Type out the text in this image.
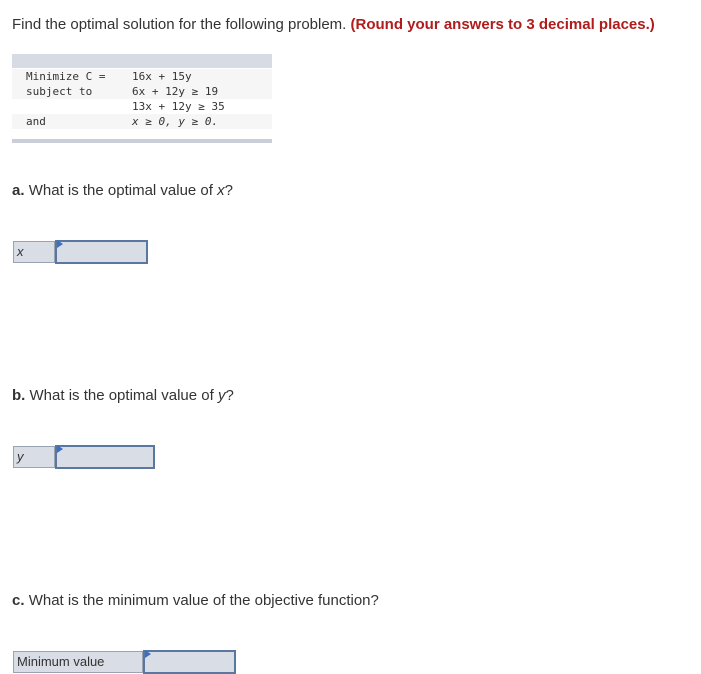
Find the optimal solution for the following problem. (Round your answers to 3 decimal places.)
Minimize C = 16x + 15y
subject to	6x + 12y ≥ 19
13x + 12y ≥ 35
and	x ≥ 0, y ≥ 0.
a. What is the optimal value of x?
x
b. What is the optimal value of y?
y
c. What is the minimum value of the objective function?
Minimum value
